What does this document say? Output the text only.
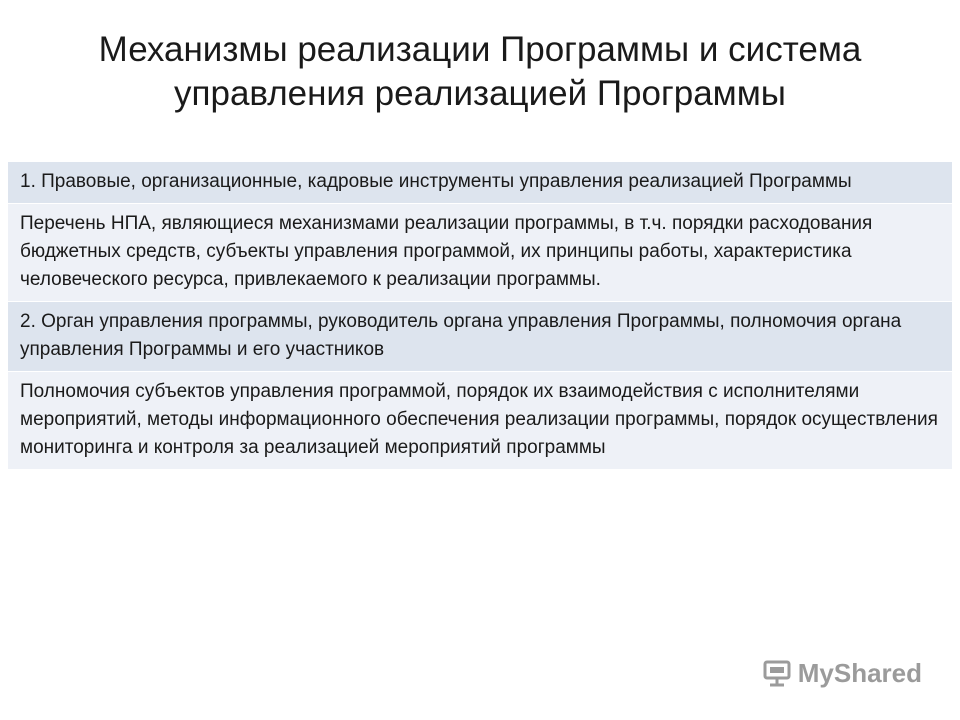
Механизмы реализации Программы и система
управления реализацией Программы
1. Правовые, организационные, кадровые инструменты управления реализацией Программы
Перечень НПА, являющиеся механизмами реализации программы, в т.ч. порядки расходования бюджетных средств, субъекты управления программой, их принципы работы, характеристика человеческого ресурса, привлекаемого к реализации программы.
2. Орган управления программы, руководитель органа управления Программы, полномочия органа управления Программы и его участников
Полномочия субъектов управления программой, порядок их взаимодействия с исполнителями мероприятий, методы информационного обеспечения реализации программы, порядок осуществления мониторинга и контроля за реализацией мероприятий программы
MyShared
